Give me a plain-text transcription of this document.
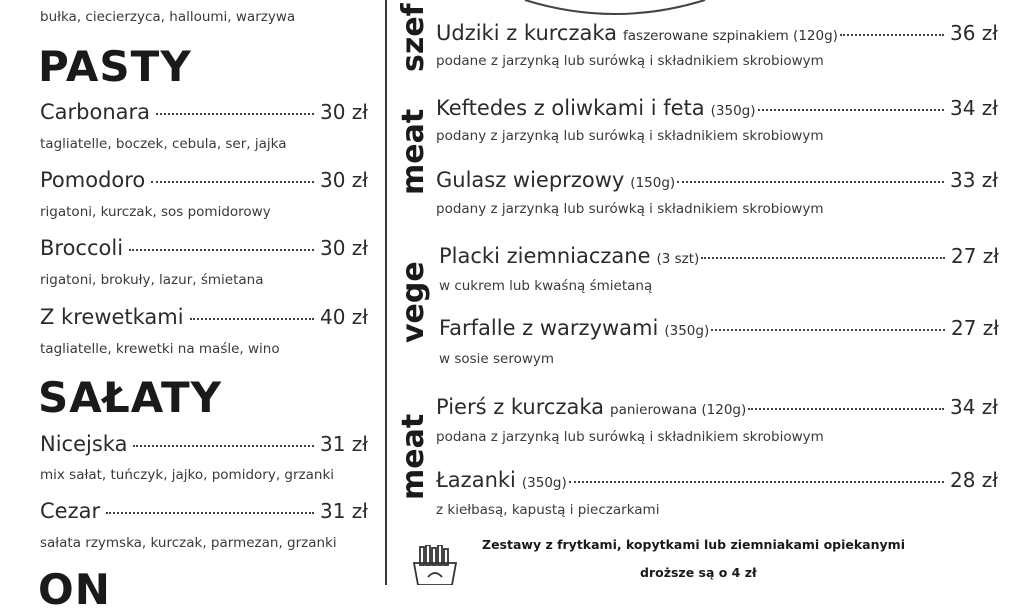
bułka, ciecierzyca, halloumi, warzywa
PASTY
Carbonara	30 zł
tagliatelle, boczek, cebula, ser, jajka
Pomodoro	30 zł
rigatoni, kurczak, sos pomidorowy
Broccoli	30 zł
rigatoni, brokuły, lazur, śmietana
Z krewetkami	40 zł
tagliatelle, krewetki na maśle, wino
SAŁATY
Nicejska	31 zł
mix sałat, tuńczyk, jajko, pomidory, grzanki
Cezar	31 zł
sałata rzymska, kurczak, parmezan, grzanki
ON
szef
meat
vege
meat
Udziki z kurczaka faszerowane szpinakiem (120g)	36 zł
podane z jarzynką lub surówką i składnikiem skrobiowym
Keftedes z oliwkami i feta (350g)	34 zł
podany z jarzynką lub surówką i składnikiem skrobiowym
Gulasz wieprzowy (150g)	33 zł
podany z jarzynką lub surówką i składnikiem skrobiowym
Placki ziemniaczane (3 szt)	27 zł
w cukrem lub kwaśną śmietaną
Farfalle z warzywami (350g)	27 zł
w sosie serowym
Pierś z kurczaka panierowana (120g)	34 zł
podana z jarzynką lub surówką i składnikiem skrobiowym
Łazanki (350g)	28 zł
z kiełbasą, kapustą i pieczarkami
Zestawy z frytkami, kopytkami lub ziemniakami opiekanymi
droższe są o 4 zł
